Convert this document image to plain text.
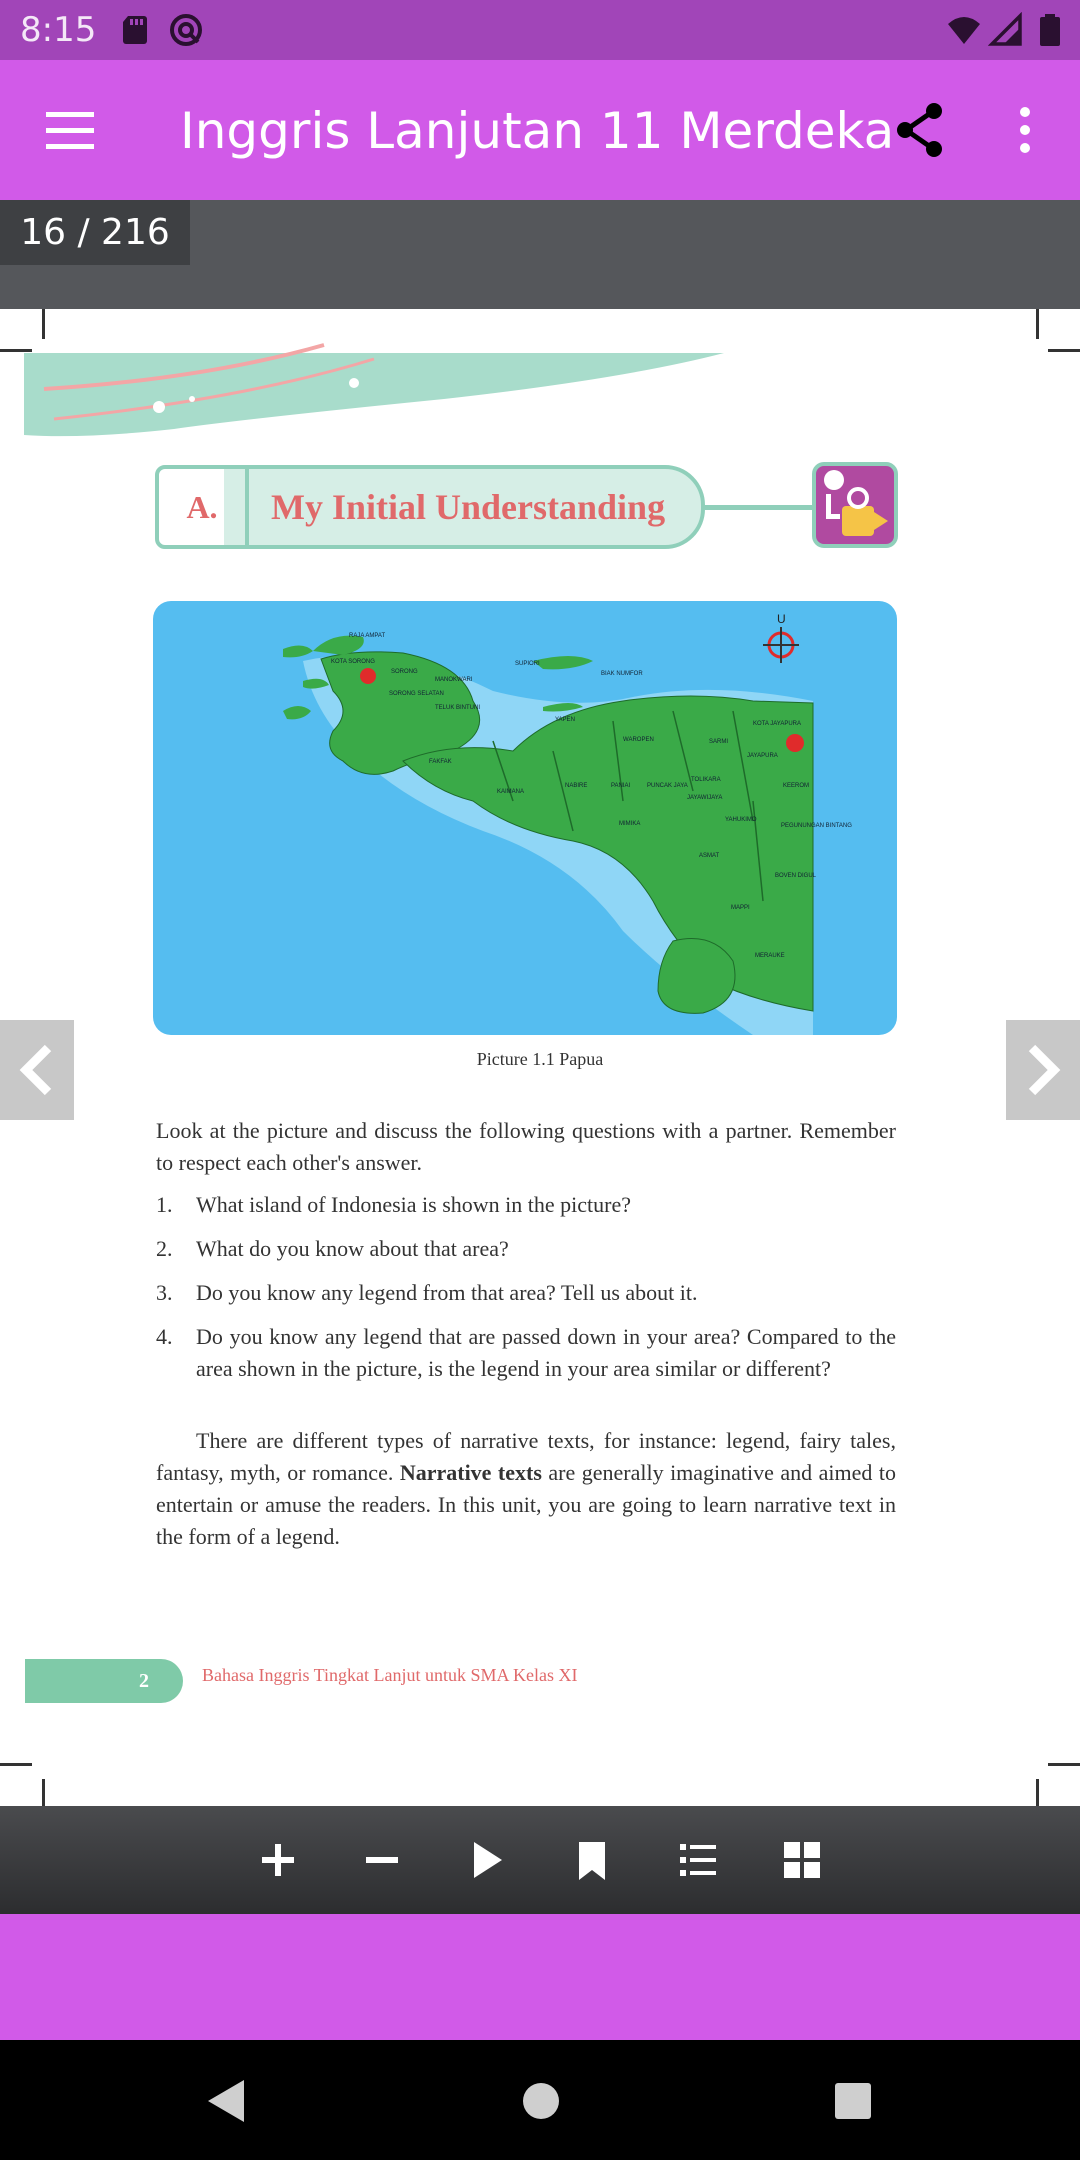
8:15
Inggris Lanjutan 11 Merdeka
16 / 216
A.	My Initial Understanding
U
RAJA AMPAT
KOTA SORONG
SORONG
MANOKWARI
SORONG SELATAN
TELUK BINTUNI
SUPIORI
BIAK NUMFOR
KOTA JAYAPURA
WAROPEN	SARMI
JAYAPURA
KEEROM
FAKFAK
KAIMANA
NABIRE	PANIAI	PUNCAK JAYA
TOLIKARA
JAYAWIJAYA
YAHUKIMO
PEGUNUNGAN BINTANG
MIMIKA
ASMAT
BOVEN DIGUL
MAPPI
MERAUKE
YAPEN
Picture 1.1 Papua

Look at the picture and discuss the following questions with a partner. Remember to respect each other's answer.

1. What island of Indonesia is shown in the picture?
2. What do you know about that area?
3. Do you know any legend from that area? Tell us about it.
4. Do you know any legend that are passed down in your area? Compared to the area shown in the picture, is the legend in your area similar or different?

There are different types of narrative texts, for instance: legend, fairy tales, fantasy, myth, or romance. Narrative texts are generally imaginative and aimed to entertain or amuse the readers. In this unit, you are going to learn narrative text in the form of a legend.

2	Bahasa Inggris Tingkat Lanjut untuk SMA Kelas XI
